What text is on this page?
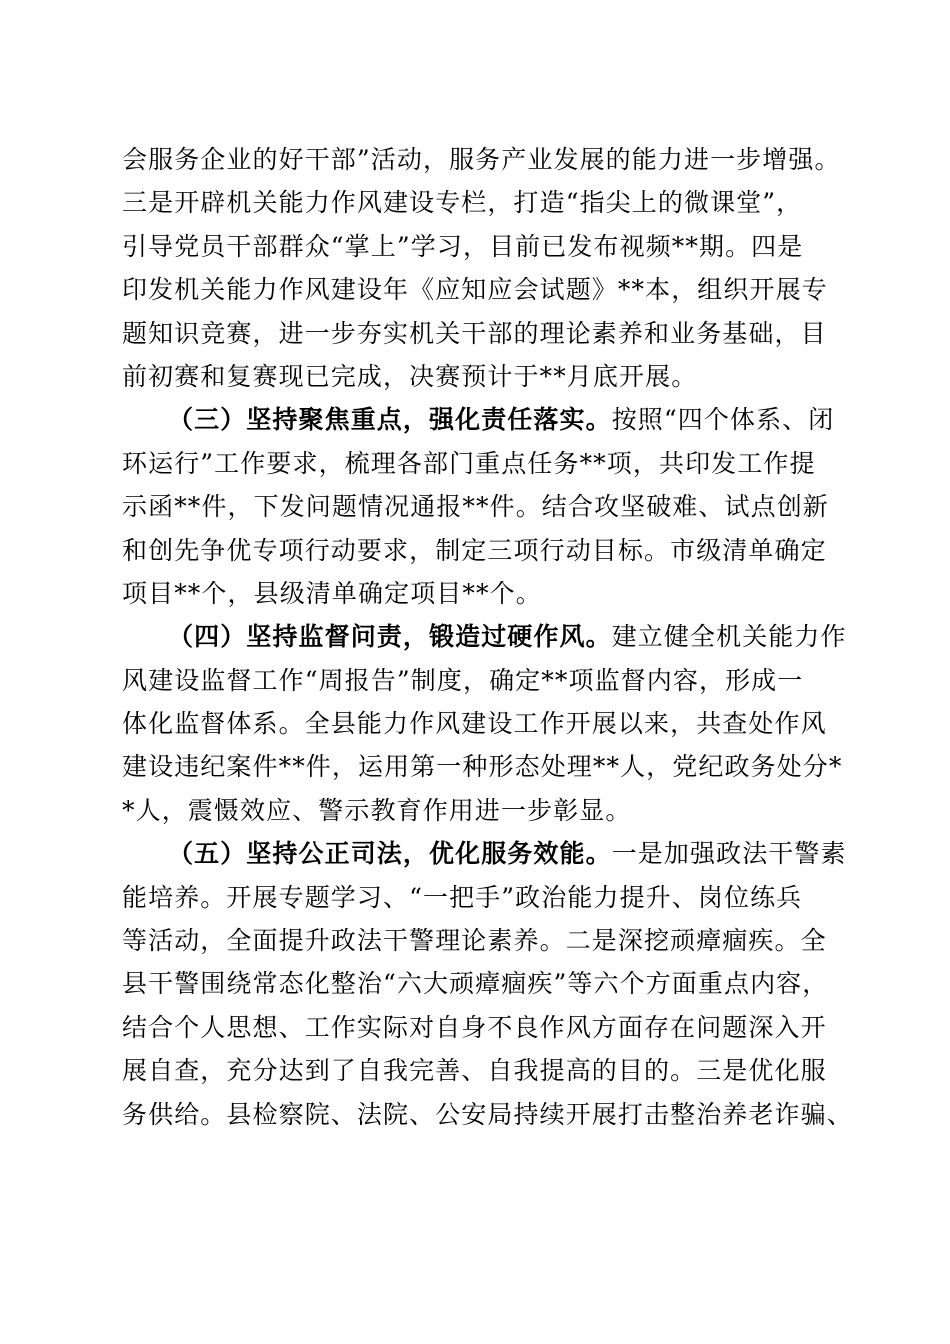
会服务企业的好干部”活动，服务产业发展的能力进一步增强。
三是开辟机关能力作风建设专栏，打造“指尖上的微课堂”，
引导党员干部群众“掌上”学习，目前已发布视频**期。四是
印发机关能力作风建设年《应知应会试题》**本，组织开展专
题知识竞赛，进一步夯实机关干部的理论素养和业务基础，目
前初赛和复赛现已完成，决赛预计于**月底开展。
（三）坚持聚焦重点，强化责任落实。按照“四个体系、闭
环运行”工作要求，梳理各部门重点任务**项，共印发工作提
示函**件，下发问题情况通报**件。结合攻坚破难、试点创新
和创先争优专项行动要求，制定三项行动目标。市级清单确定
项目**个，县级清单确定项目**个。
（四）坚持监督问责，锻造过硬作风。建立健全机关能力作
风建设监督工作“周报告”制度，确定**项监督内容，形成一
体化监督体系。全县能力作风建设工作开展以来，共查处作风
建设违纪案件**件，运用第一种形态处理**人，党纪政务处分*
*人，震慑效应、警示教育作用进一步彰显。
（五）坚持公正司法，优化服务效能。一是加强政法干警素
能培养。开展专题学习、“一把手”政治能力提升、岗位练兵
等活动，全面提升政法干警理论素养。二是深挖顽瘴痼疾。全
县干警围绕常态化整治“六大顽瘴痼疾”等六个方面重点内容，
结合个人思想、工作实际对自身不良作风方面存在问题深入开
展自查，充分达到了自我完善、自我提高的目的。三是优化服
务供给。县检察院、法院、公安局持续开展打击整治养老诈骗、
